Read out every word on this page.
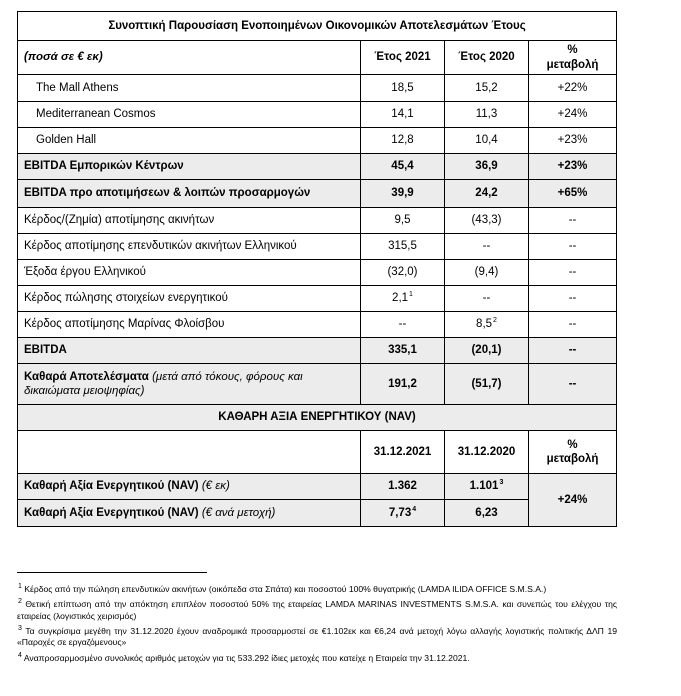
Συνοπτική Παρουσίαση Ενοποιημένων Οικονομικών Αποτελεσμάτων Έτους			
(ποσά σε € εκ)	Έτος 2021	Έτος 2020	%
μεταβολή
The Mall Athens	18,5	15,2	+22%
Mediterranean Cosmos	14,1	11,3	+24%
Golden Hall	12,8	10,4	+23%
EBITDA Εμπορικών Κέντρων	45,4	36,9	+23%
EBITDA προ αποτιμήσεων & λοιπών προσαρμογών	39,9	24,2	+65%
Κέρδος/(Ζημία) αποτίμησης ακινήτων	9,5	(43,3)	--
Κέρδος αποτίμησης επενδυτικών ακινήτων Ελληνικού	315,5	--	--
Έξοδα έργου Ελληνικού	(32,0)	(9,4)	--
Κέρδος πώλησης στοιχείων ενεργητικού	$2,1^1$	--	--
Κέρδος αποτίμησης Μαρίνας Φλοίσβου	--	$8,5^2$	--
EBITDA	335,1	(20,1)	--
Καθαρά Αποτελέσματα (μετά από τόκους, φόρους και δικαιώματα μειοψηφίας)	191,2	(51,7)	--
ΚΑΘΑΡΗ ΑΞΙΑ ΕΝΕΡΓΗΤΙΚΟΥ (NAV)			
	31.12.2021	31.12.2020	%
μεταβολή
Καθαρή Αξία Ενεργητικού (NAV) (€ εκ)	1.362	$1.101^3$	+24%
Καθαρή Αξία Ενεργητικού (NAV) (€ ανά μετοχή)	7,73$^4$	6,23	
$^1$ Κέρδος από την πώληση επενδυτικών ακινήτων (οικόπεδα στα Σπάτα) και ποσοστού 100% θυγατρικής (LAMDA ILIDA OFFICE S.M.S.A.)
$^2$ Θετική επίπτωση από την απόκτηση επιπλέον ποσοστού 50% της εταιρείας LAMDA MARINAS INVESTMENTS S.M.S.A. και συνεπώς του ελέγχου της εταιρείας (λογιστικός χειρισμός)
$^3$ Τα συγκρίσιμα μεγέθη την 31.12.2020 έχουν αναδρομικά προσαρμοστεί σε €1.102εκ και €6,24 ανά μετοχή λόγω αλλαγής λογιστικής πολιτικής ΔΛΠ 19 «Παροχές σε εργαζόμενους»
$^4$ Αναπροσαρμοσμένο συνολικός αριθμός μετοχών για τις 533.292 ίδιες μετοχές που κατείχε η Εταιρεία την 31.12.2021.
